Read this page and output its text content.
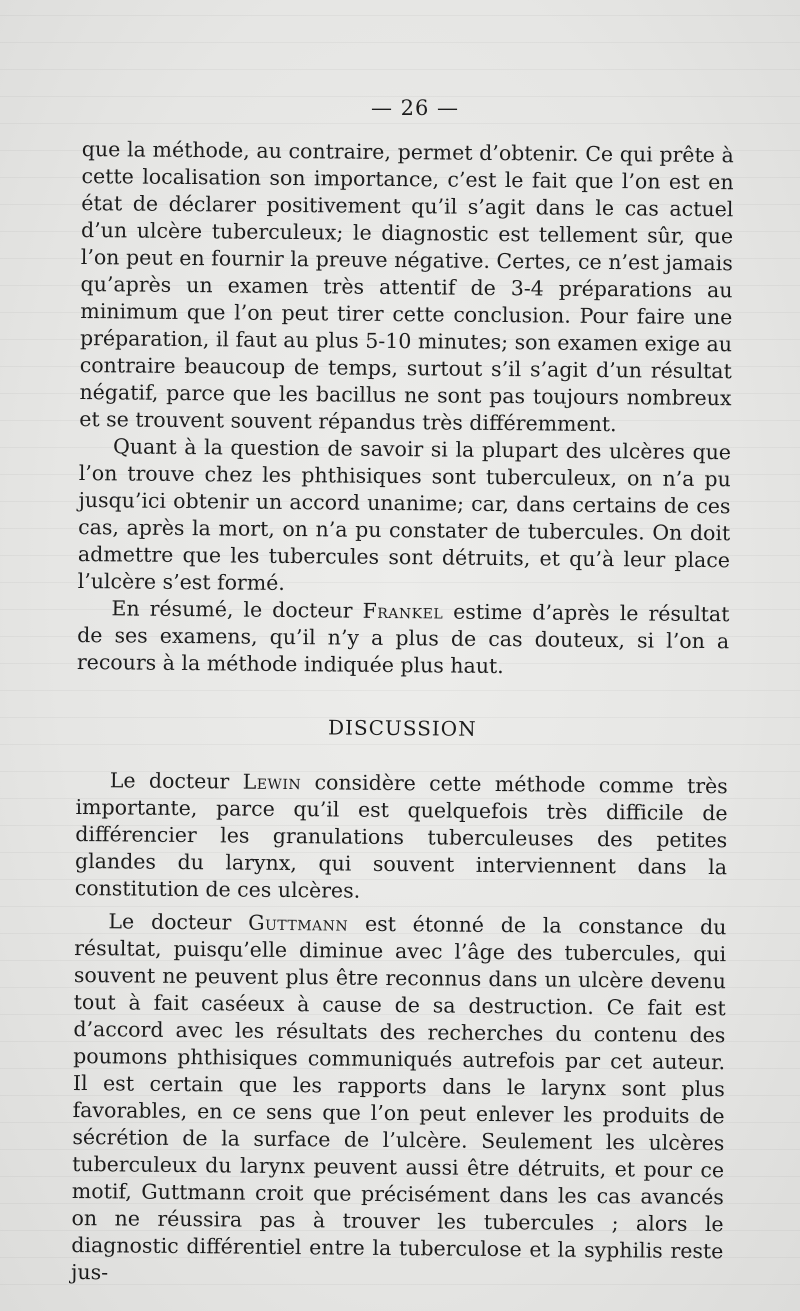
— 26 —

que la méthode, au contraire, permet d’obtenir. Ce qui prête à cette localisation son importance, c’est le fait que l’on est en état de déclarer positivement qu’il s’agit dans le cas actuel d’un ulcère tuberculeux; le diagnostic est tellement sûr, que l’on peut en fournir la preuve négative. Certes, ce n’est jamais qu’après un examen très attentif de 3-4 préparations au minimum que l’on peut tirer cette conclusion. Pour faire une préparation, il faut au plus 5-10 minutes; son examen exige au contraire beaucoup de temps, surtout s’il s’agit d’un résultat négatif, parce que les bacillus ne sont pas toujours nombreux et se trouvent souvent répandus très différemment.

Quant à la question de savoir si la plupart des ulcères que l’on trouve chez les phthisiques sont tuberculeux, on n’a pu jusqu’ici obtenir un accord unanime; car, dans certains de ces cas, après la mort, on n’a pu constater de tubercules. On doit admettre que les tubercules sont détruits, et qu’à leur place l’ulcère s’est formé.

En résumé, le docteur Frankel estime d’après le résultat de ses examens, qu’il n’y a plus de cas douteux, si l’on a recours à la méthode indiquée plus haut.

DISCUSSION

Le docteur Lewin considère cette méthode comme très importante, parce qu’il est quelquefois très difficile de différencier les granulations tuberculeuses des petites glandes du larynx, qui souvent interviennent dans la constitution de ces ulcères.

Le docteur Guttmann est étonné de la constance du résultat, puisqu’elle diminue avec l’âge des tubercules, qui souvent ne peuvent plus être reconnus dans un ulcère devenu tout à fait caséeux à cause de sa destruction. Ce fait est d’accord avec les résultats des recherches du contenu des poumons phthisiques communiqués autrefois par cet auteur. Il est certain que les rapports dans le larynx sont plus favorables, en ce sens que l’on peut enlever les produits de sécrétion de la surface de l’ulcère. Seulement les ulcères tuberculeux du larynx peuvent aussi être détruits, et pour ce motif, Guttmann croit que précisément dans les cas avancés on ne réussira pas à trouver les tubercules ; alors le diagnostic différentiel entre la tuberculose et la syphilis reste jus-
